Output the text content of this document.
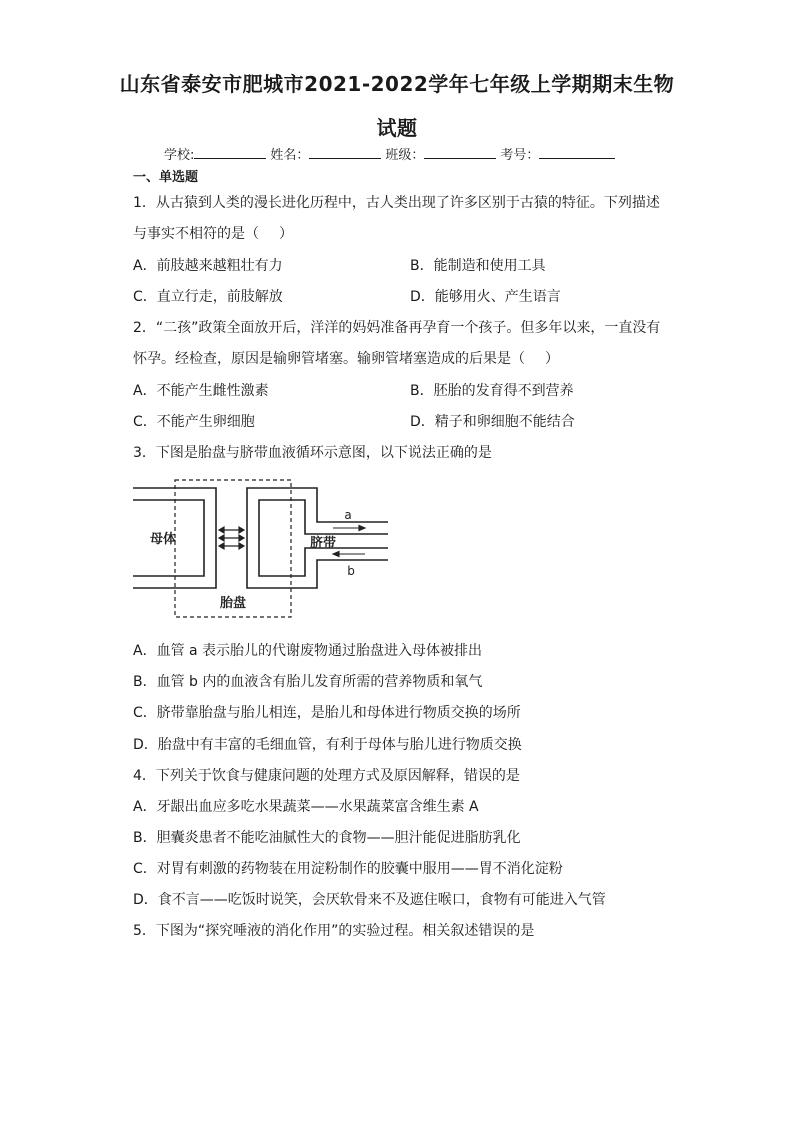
山东省泰安市肥城市2021-2022学年七年级上学期期末生物
试题
学校:	姓名：	班级：	考号：
一、单选题
1．从古猿到人类的漫长进化历程中，古人类出现了许多区别于古猿的特征。下列描述
与事实不相符的是（ ）
A．前肢越来越粗壮有力	B．能制造和使用工具
C．直立行走，前肢解放	D．能够用火、产生语言
2．“二孩”政策全面放开后，洋洋的妈妈准备再孕育一个孩子。但多年以来，一直没有
怀孕。经检查，原因是输卵管堵塞。输卵管堵塞造成的后果是（ ）
A．不能产生雌性激素	B．胚胎的发育得不到营养
C．不能产生卵细胞	D．精子和卵细胞不能结合
3．下图是胎盘与脐带血液循环示意图，以下说法正确的是
a
b
母体	脐带
胎盘
A．血管 a 表示胎儿的代谢废物通过胎盘进入母体被排出
B．血管 b 内的血液含有胎儿发育所需的营养物质和氧气
C．脐带靠胎盘与胎儿相连，是胎儿和母体进行物质交换的场所
D．胎盘中有丰富的毛细血管，有利于母体与胎儿进行物质交换
4．下列关于饮食与健康问题的处理方式及原因解释，错误的是
A．牙龈出血应多吃水果蔬菜——水果蔬菜富含维生素 A
B．胆囊炎患者不能吃油腻性大的食物——胆汁能促进脂肪乳化
C．对胃有刺激的药物装在用淀粉制作的胶囊中服用——胃不消化淀粉
D．食不言——吃饭时说笑，会厌软骨来不及遮住喉口，食物有可能进入气管
5．下图为“探究唾液的消化作用”的实验过程。相关叙述错误的是
